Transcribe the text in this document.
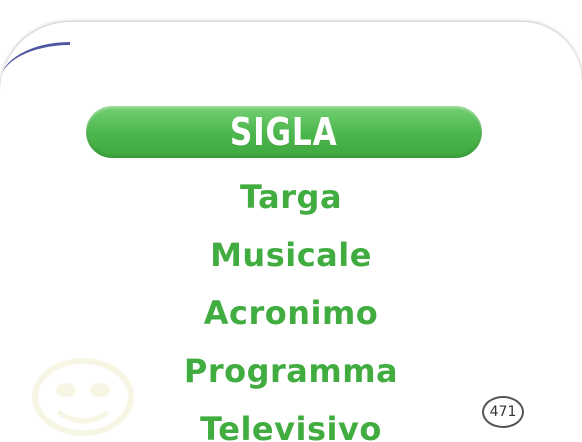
SIGLA
Targa
Musicale
Acronimo
Programma
Televisivo	471
